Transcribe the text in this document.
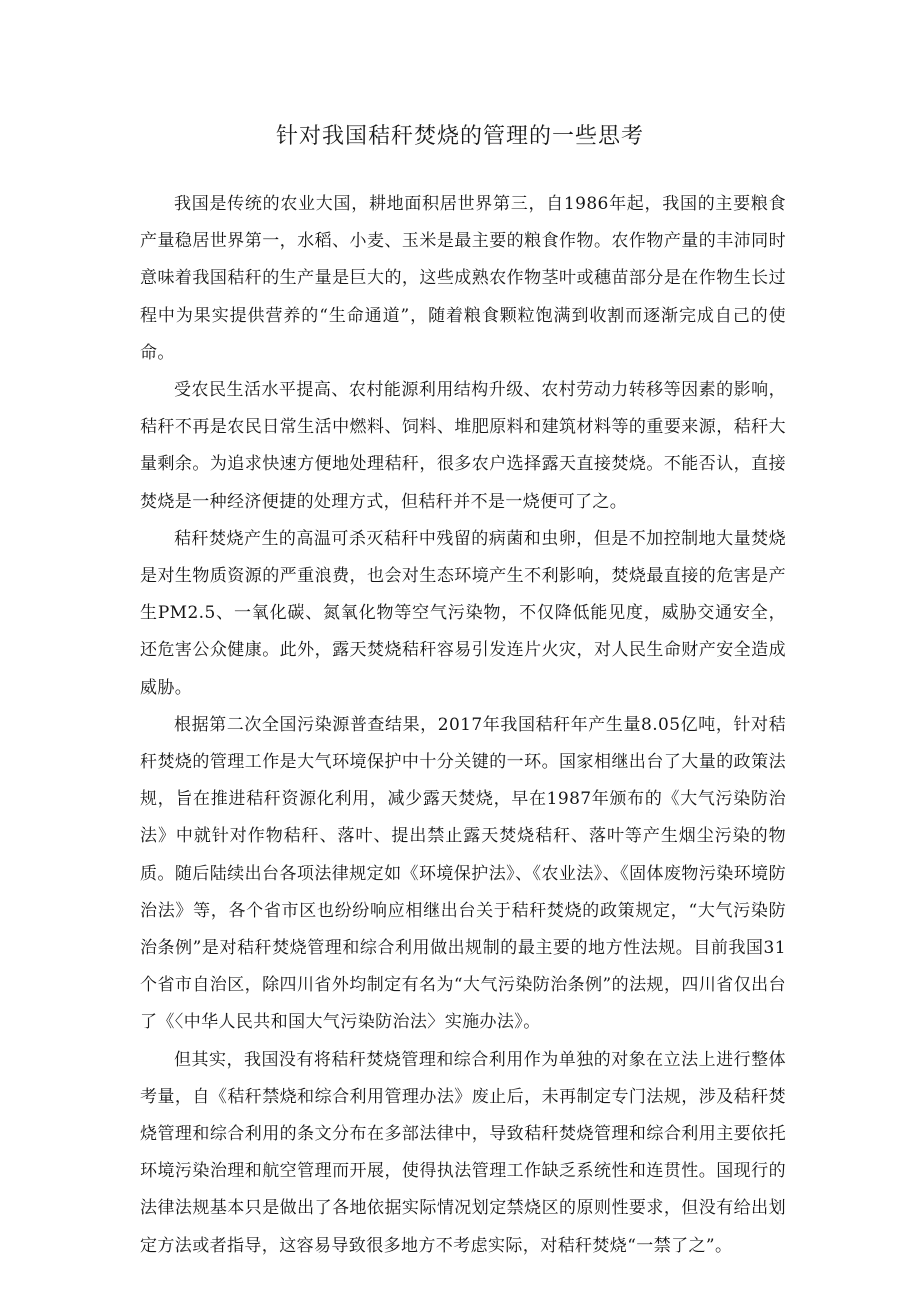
针对我国秸秆焚烧的管理的一些思考

我国是传统的农业大国，耕地面积居世界第三，自1986年起，我国的主要粮食产量稳居世界第一，水稻、小麦、玉米是最主要的粮食作物。农作物产量的丰沛同时意味着我国秸秆的生产量是巨大的，这些成熟农作物茎叶或穗苗部分是在作物生长过程中为果实提供营养的“生命通道”，随着粮食颗粒饱满到收割而逐渐完成自己的使命。

受农民生活水平提高、农村能源利用结构升级、农村劳动力转移等因素的影响，秸秆不再是农民日常生活中燃料、饲料、堆肥原料和建筑材料等的重要来源，秸秆大量剩余。为追求快速方便地处理秸秆，很多农户选择露天直接焚烧。不能否认，直接焚烧是一种经济便捷的处理方式，但秸秆并不是一烧便可了之。

秸秆焚烧产生的高温可杀灭秸秆中残留的病菌和虫卵，但是不加控制地大量焚烧是对生物质资源的严重浪费，也会对生态环境产生不利影响，焚烧最直接的危害是产生PM2.5、一氧化碳、氮氧化物等空气污染物，不仅降低能见度，威胁交通安全，还危害公众健康。此外，露天焚烧秸秆容易引发连片火灾，对人民生命财产安全造成威胁。

根据第二次全国污染源普查结果，2017年我国秸秆年产生量8.05亿吨，针对秸秆焚烧的管理工作是大气环境保护中十分关键的一环。国家相继出台了大量的政策法规，旨在推进秸秆资源化利用，减少露天焚烧，早在1987年颁布的《大气污染防治法》中就针对作物秸秆、落叶、提出禁止露天焚烧秸秆、落叶等产生烟尘污染的物质。随后陆续出台各项法律规定如《环境保护法》、《农业法》、《固体废物污染环境防治法》等，各个省市区也纷纷响应相继出台关于秸秆焚烧的政策规定，“大气污染防治条例”是对秸秆焚烧管理和综合利用做出规制的最主要的地方性法规。目前我国31个省市自治区，除四川省外均制定有名为“大气污染防治条例”的法规，四川省仅出台了《〈中华人民共和国大气污染防治法〉实施办法》。

但其实，我国没有将秸秆焚烧管理和综合利用作为单独的对象在立法上进行整体考量，自《秸秆禁烧和综合利用管理办法》废止后，未再制定专门法规，涉及秸秆焚烧管理和综合利用的条文分布在多部法律中，导致秸秆焚烧管理和综合利用主要依托环境污染治理和航空管理而开展，使得执法管理工作缺乏系统性和连贯性。国现行的法律法规基本只是做出了各地依据实际情况划定禁烧区的原则性要求，但没有给出划定方法或者指导，这容易导致很多地方不考虑实际，对秸秆焚烧“一禁了之”。
